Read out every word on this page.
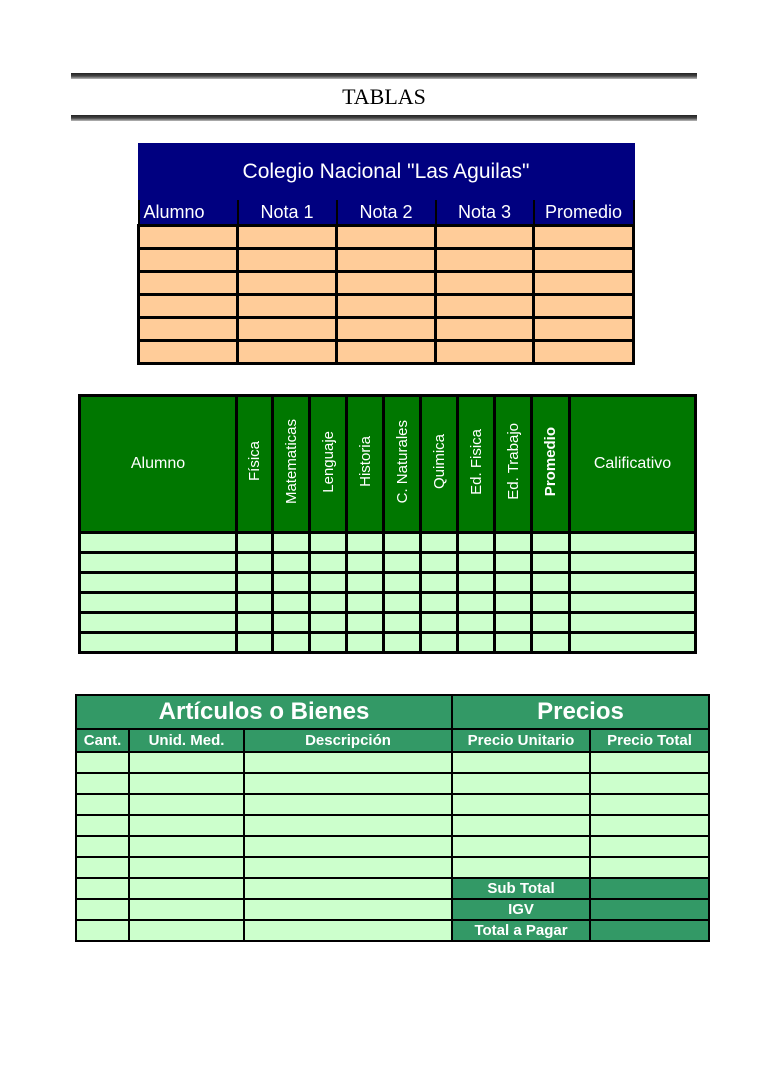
TABLAS
Colegio Nacional "Las Aguilas"				
Alumno	Nota 1	Nota 2	Nota 3	Promedio

Alumno	Física	Matematicas	Lenguaje	Historia	C. Naturales	Quimica	Ed. Fisica	Ed. Trabajo	Promedio	Calificativo

Artículos o Bienes			Precios	
Cant.	Unid. Med.	Descripción	Precio Unitario	Precio Total

			Sub Total	
			IGV	
			Total a Pagar	
